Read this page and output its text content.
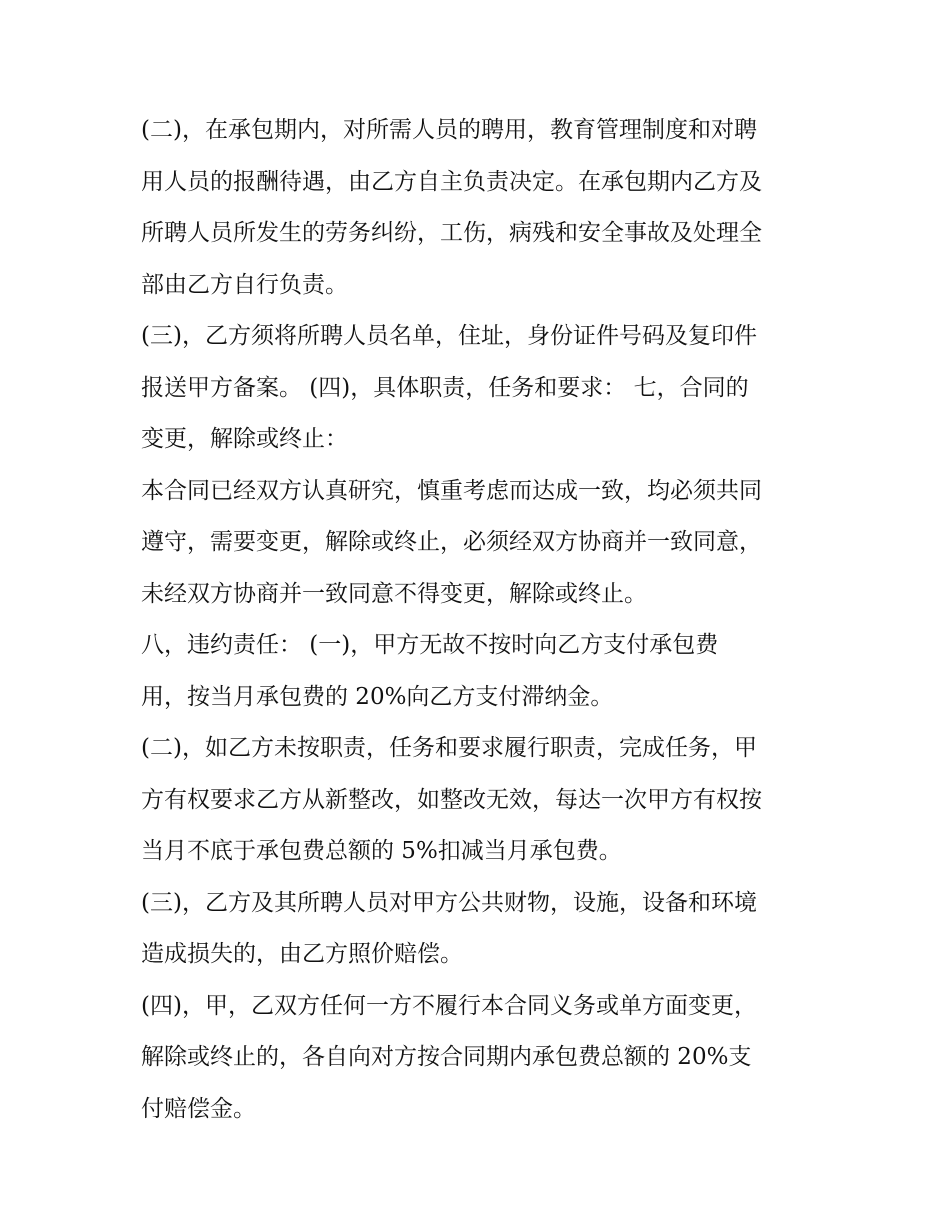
(二)，在承包期内，对所需人员的聘用，教育管理制度和对聘
用人员的报酬待遇，由乙方自主负责决定。在承包期内乙方及
所聘人员所发生的劳务纠纷，工伤，病残和安全事故及处理全
部由乙方自行负责。
(三)，乙方须将所聘人员名单，住址，身份证件号码及复印件
报送甲方备案。 (四)，具体职责，任务和要求： 七，合同的
变更，解除或终止：
本合同已经双方认真研究，慎重考虑而达成一致，均必须共同
遵守，需要变更，解除或终止，必须经双方协商并一致同意，
未经双方协商并一致同意不得变更，解除或终止。
八，违约责任： (一)，甲方无故不按时向乙方支付承包费
用，按当月承包费的 20%向乙方支付滞纳金。
(二)，如乙方未按职责，任务和要求履行职责，完成任务，甲
方有权要求乙方从新整改，如整改无效，每达一次甲方有权按
当月不底于承包费总额的 5%扣减当月承包费。
(三)，乙方及其所聘人员对甲方公共财物，设施，设备和环境
造成损失的，由乙方照价赔偿。
(四)，甲，乙双方任何一方不履行本合同义务或单方面变更，
解除或终止的，各自向对方按合同期内承包费总额的 20%支
付赔偿金。
